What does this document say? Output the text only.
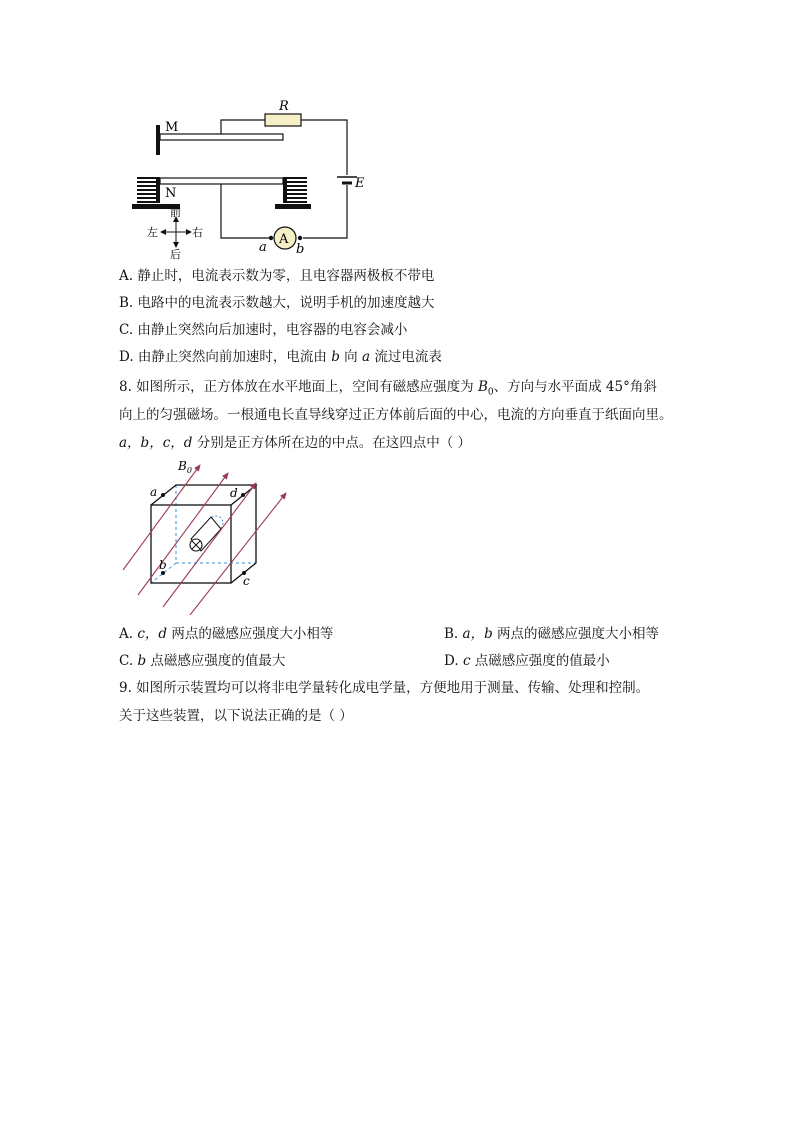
M
R
E
N
A
a b
前
后
左	右
A. 静止时，电流表示数为零，且电容器两极板不带电
B. 电路中的电流表示数越大，说明手机的加速度越大
C. 由静止突然向后加速时，电容器的电容会减小
D. 由静止突然向前加速时，电流由 b 向 a 流过电流表
8. 如图所示，正方体放在水平地面上，空间有磁感应强度为 $B_0$、方向与水平面成 45°角斜
向上的匀强磁场。一根通电长直导线穿过正方体前后面的中心，电流的方向垂直于纸面向里。
a，b，c，d 分别是正方体所在边的中点。在这四点中（ ）
$B_0$
a	d
b
c
A. c，d 两点的磁感应强度大小相等	B. a，b 两点的磁感应强度大小相等
C. b 点磁感应强度的值最大	D. c 点磁感应强度的值最小
9. 如图所示装置均可以将非电学量转化成电学量，方便地用于测量、传输、处理和控制。
关于这些装置，以下说法正确的是（ ）
